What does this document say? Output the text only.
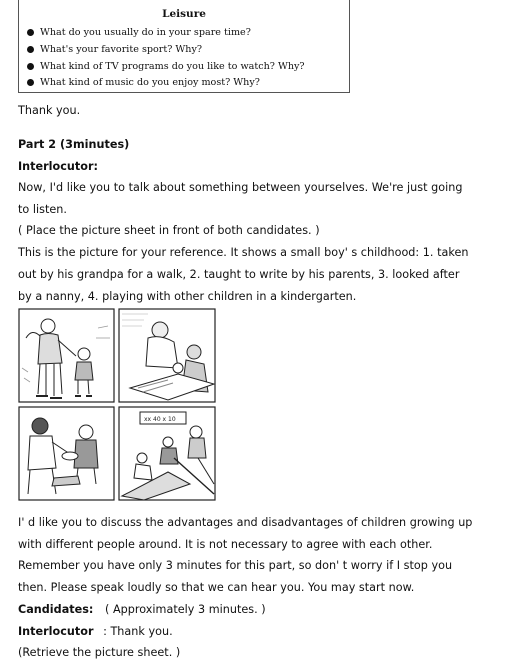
Leisure
What do you usually do in your spare time?
What's your favorite sport? Why?
What kind of TV programs do you like to watch? Why?
What kind of music do you enjoy most? Why?
Thank you.
Part 2 (3minutes)
Interlocutor:
Now, I'd like you to talk about something between yourselves. We're just going
to listen.
( Place the picture sheet in front of both candidates. )
This is the picture for your reference. It shows a small boy' s childhood: 1. taken
out by his grandpa for a walk, 2. taught to write by his parents, 3. looked after
by a nanny, 4. playing with other children in a kindergarten.
xx 40 x 10
I' d like you to discuss the advantages and disadvantages of children growing up
with different people around. It is not necessary to agree with each other.
Remember you have only 3 minutes for this part, so don' t worry if I stop you
then. Please speak loudly so that we can hear you. You may start now.
Candidates: ( Approximately 3 minutes. )
Interlocutor : Thank you.
(Retrieve the picture sheet. )
